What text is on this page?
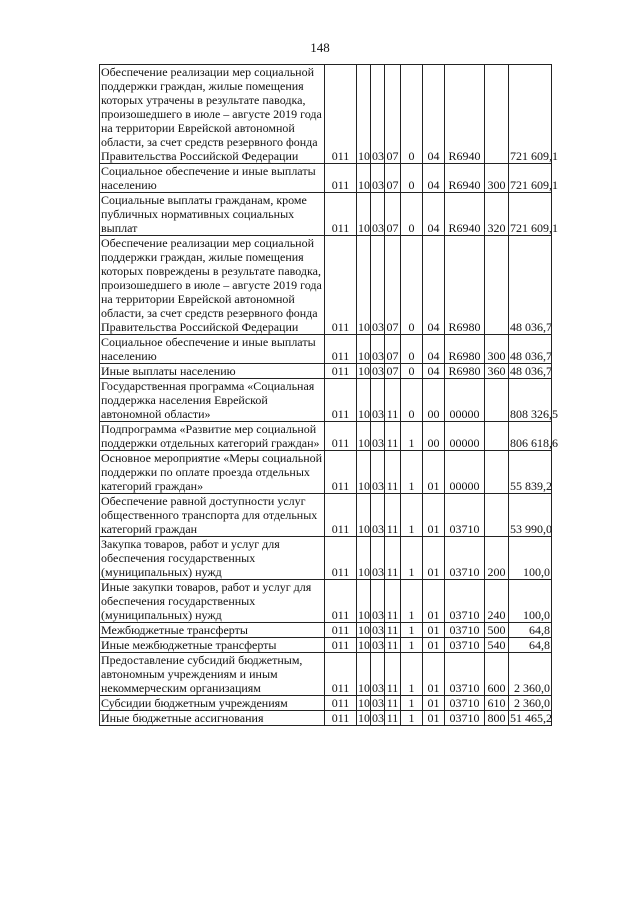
148
Обеспечение реализации мер социальной поддержки граждан, жилые помещения которых утрачены в результате паводка, произошедшего в июле – августе 2019 года на территории Еврейской автономной области, за счет средств резервного фонда Правительства Российской Федерации	011	10	03	07	0	04	R6940		721 609,1
Социальное обеспечение и иные выплаты населению	011	10	03	07	0	04	R6940	300	721 609,1
Социальные выплаты гражданам, кроме публичных нормативных социальных выплат	011	10	03	07	0	04	R6940	320	721 609,1
Обеспечение реализации мер социальной поддержки граждан, жилые помещения которых повреждены в результате паводка, произошедшего в июле – августе 2019 года на территории Еврейской автономной области, за счет средств резервного фонда Правительства Российской Федерации	011	10	03	07	0	04	R6980		48 036,7
Социальное обеспечение и иные выплаты населению	011	10	03	07	0	04	R6980	300	48 036,7
Иные выплаты населению	011	10	03	07	0	04	R6980	360	48 036,7
Государственная программа «Социальная поддержка населения Еврейской автономной области»	011	10	03	11	0	00	00000		808 326,5
Подпрограмма «Развитие мер социальной поддержки отдельных категорий граждан»	011	10	03	11	1	00	00000		806 618,6
Основное мероприятие «Меры социальной поддержки по оплате проезда отдельных категорий граждан»	011	10	03	11	1	01	00000		55 839,2
Обеспечение равной доступности услуг общественного транспорта для отдельных категорий граждан	011	10	03	11	1	01	03710		53 990,0
Закупка товаров, работ и услуг для обеспечения государственных (муниципальных) нужд	011	10	03	11	1	01	03710	200	100,0
Иные закупки товаров, работ и услуг для обеспечения государственных (муниципальных) нужд	011	10	03	11	1	01	03710	240	100,0
Межбюджетные трансферты	011	10	03	11	1	01	03710	500	64,8
Иные межбюджетные трансферты	011	10	03	11	1	01	03710	540	64,8
Предоставление субсидий бюджетным, автономным учреждениям и иным некоммерческим организациям	011	10	03	11	1	01	03710	600	2 360,0
Субсидии бюджетным учреждениям	011	10	03	11	1	01	03710	610	2 360,0
Иные бюджетные ассигнования	011	10	03	11	1	01	03710	800	51 465,2
